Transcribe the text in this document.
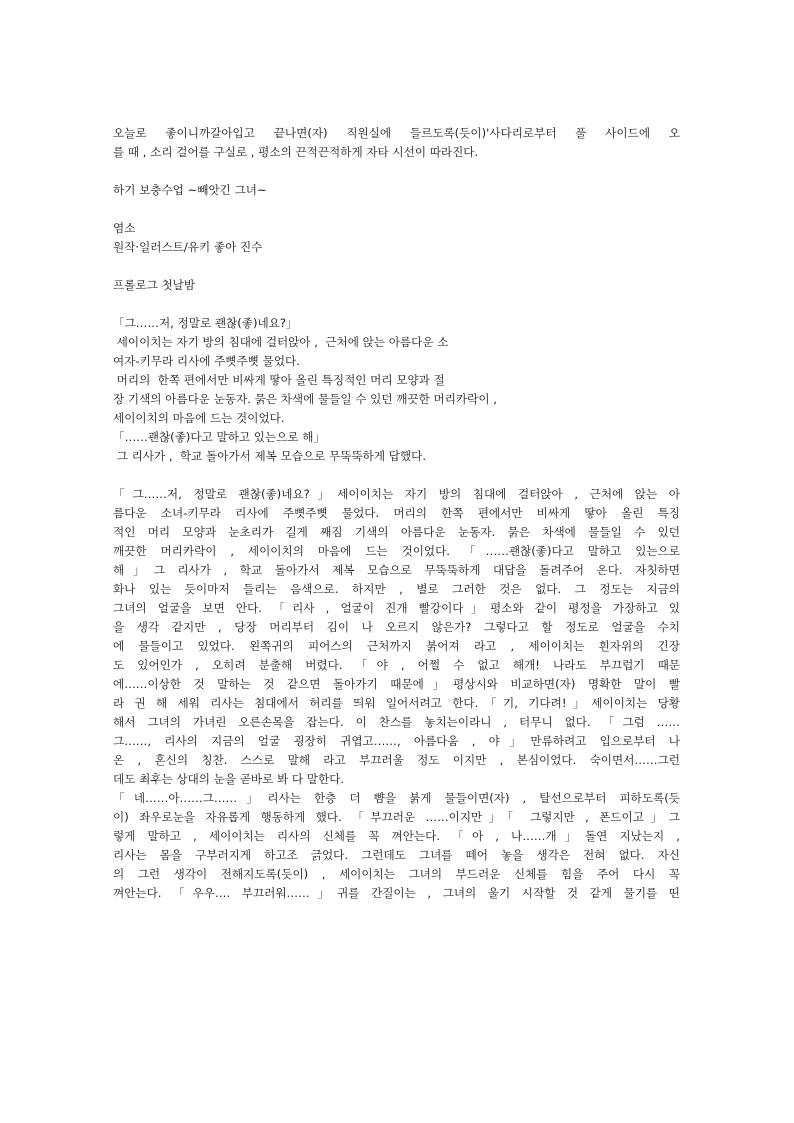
오늘로 좋이니까갈아입고 끝나면(자) 직원실에 들르도록(듯이)'사다리로부터 풀 사이드에 오
를 때 , 소리 걸어를 구실로 , 평소의 끈적끈적하게 자타 시선이 따라진다.
하기 보충수업 ~빼앗긴 그녀~
염소
원작·일러스트/유키 좋아 진수
프롤로그 첫날밤
「그……저, 정말로 괜찮(좋)네요?」
세이이치는 자기 방의 침대에 걸터앉아 ,  근처에 앉는 아름다운 소
여자-키무라 리사에 주뼛주뼛 물었다.
머리의  한쪽 편에서만 비싸게 땋아 올린 특징적인 머리 모양과 절
장 기색의 아름다운 눈동자. 묽은 차색에 물들일 수 있던 깨끗한 머리카락이 ,
세이이치의 마음에 드는 것이었다.
「……괜찮(좋)다고 말하고 있는으로 해」
그 리사가 ,  학교 돌아가서 제복 모습으로 무뚝뚝하게 답했다.
「그……저, 정말로 괜찮(좋)네요?」세이이치는 자기 방의 침대에 걸터앉아 , 근처에 앉는 아
름다운 소녀-키무라 리사에 주뼛주뼛 물었다. 머리의 한쪽 편에서만 비싸게 땋아 올린 특징
적인 머리 모양과 눈초리가 길게 째짐 기색의 아름다운 눈동자. 묽은 차색에 물들일 수 있던
깨끗한 머리카락이 , 세이이치의 마음에 드는 것이었다. 「……괜찮(좋)다고 말하고 있는으로
해」그 리사가 , 학교 돌아가서 제복 모습으로 무뚝뚝하게 대답을 돌려주어 온다. 자칫하면
화나 있는 듯이마저 들리는 음색으로. 하지만 , 별로 그러한 것은 없다. 그 정도는 지금의
그녀의 얼굴을 보면 안다. 「리사 , 얼굴이 진개 빨강이다」평소와 같이 평정을 가장하고 있
을 생각 같지만 , 당장 머리부터 김이 나 오르지 않은가? 그렇다고 할 정도로 얼굴을 수치
에 물들이고 있었다. 왼쪽귀의 피어스의 근처까지 붉어져 라고 , 세이이치는 흰자위의 긴장
도 있어인가 , 오히려 분출해 버렸다. 「야 , 어쩔 수 없고 해개! 나라도 부끄럽기 때문
에……이상한 것 말하는 것 같으면 돌아가기 때문에」평상시와 비교하면(자) 명확한 말이 빨
라 권 해 세워 리사는 침대에서 허리를 띄워 일어서려고 한다.「기, 기다려!」세이이치는 당황
해서 그녀의 가녀린 오른손목을 잡는다. 이 찬스를 놓치는이라니 , 터무니 없다. 「그럼 ……
그……, 리사의 지금의 얼굴 굉장히 귀엽고……, 아름다움 , 야」만류하려고 입으로부터 나
온 , 혼신의 칭찬. 스스로 말해 라고 부끄러울 정도 이지만 , 본심이었다. 숙이면서……그런
데도 최후는 상대의 눈을 곧바로 봐 다 말한다.
「네……아……그……」리사는 한층 더 뺨을 붉게 물들이면(자) , 탈선으로부터 피하도록(듯
이) 좌우로눈을 자유롭게 행동하게 했다. 「부끄러운 ……이지만」「 그렇지만 , 폰드이고」그
렇게 말하고 , 세이이치는 리사의 신체를 꼭 껴안는다. 「아 , 나……개」돌연 지났는지 ,
리사는 몸을 구부러지게 하고조 긁었다. 그런데도 그녀를 떼어 놓을 생각은 전혀 없다. 자신
의 그런 생각이 전해지도록(듯이) , 세이이치는 그녀의 부드러운 신체를 힘을 주어 다시 꼭
껴안는다. 「우우…. 부끄러워……」귀를 간질이는 , 그녀의 울기 시작할 것 같게 물기를 띤
